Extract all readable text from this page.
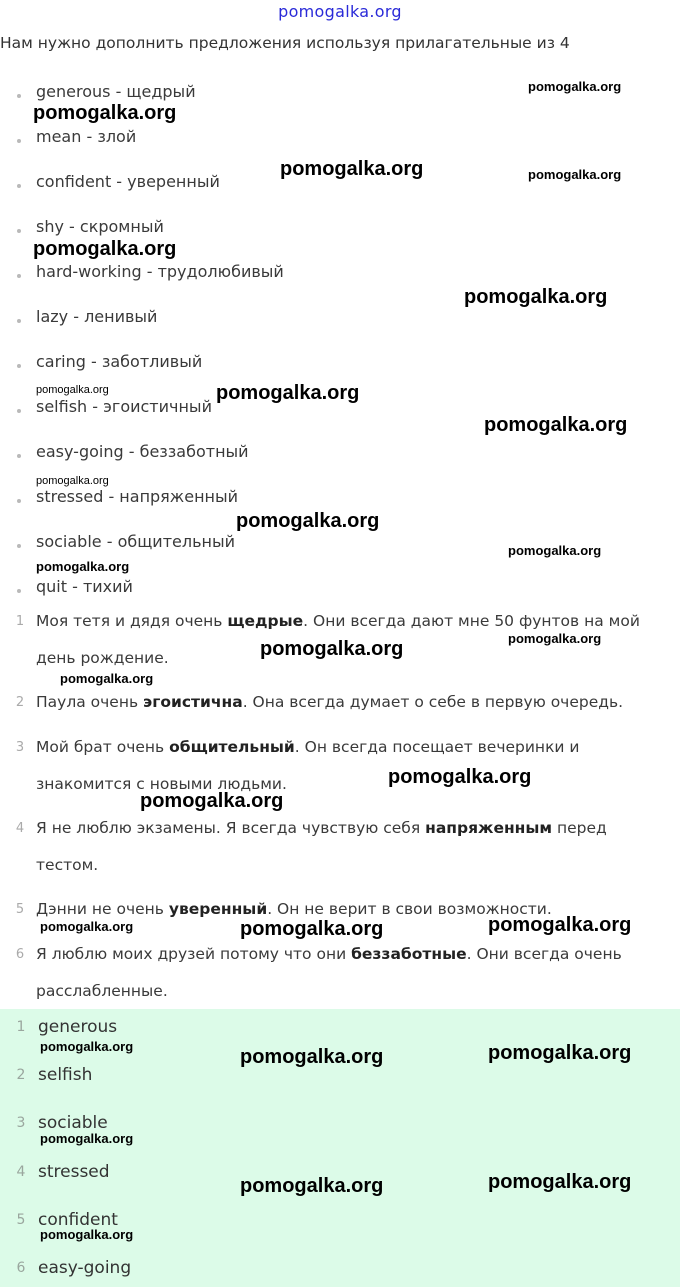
pomogalka.org
Нам нужно дополнить предложения используя прилагательные из 4
generous - щедрый
mean - злой
confident - уверенный
shy - скромный
hard-working - трудолюбивый
lazy - ленивый
caring - заботливый
selfish - эгоистичный
easy-going - беззаботный
stressed - напряженный
sociable - общительный
quit - тихий
1 Моя тетя и дядя очень щедрые. Они всегда дают мне 50 фунтов на мой
день рождение.
2 Паула очень эгоистична. Она всегда думает о себе в первую очередь.
3 Мой брат очень общительный. Он всегда посещает вечеринки и
знакомится с новыми людьми.
4 Я не люблю экзамены. Я всегда чувствую себя напряженным перед
тестом.
5 Дэнни не очень уверенный. Он не верит в свои возможности.
6 Я люблю моих друзей потому что они беззаботные. Они всегда очень
расслабленные.
1 generous
2 selfish
3 sociable
4 stressed
5 confident
6 easy-going
pomogalka.org
pomogalka.org
pomogalka.org	pomogalka.org
pomogalka.org
pomogalka.org
pomogalka.org	pomogalka.org
pomogalka.org
pomogalka.org
pomogalka.org
pomogalka.org
pomogalka.org
pomogalka.org
pomogalka.org
pomogalka.org
pomogalka.org
pomogalka.org
pomogalka.org	pomogalka.org	pomogalka.org
pomogalka.org	pomogalka.org	pomogalka.org
pomogalka.org
pomogalka.org	pomogalka.org
pomogalka.org
